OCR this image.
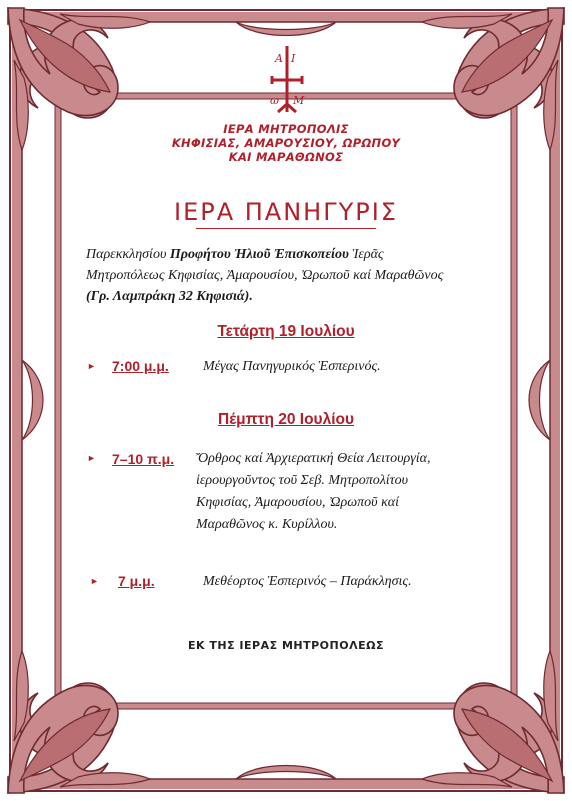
Α Ι
ω Μ
ΙΕΡΑ ΜΗΤΡΟΠΟΛΙΣ
ΚΗΦΙΣΙΑΣ, ΑΜΑΡΟΥΣΙΟΥ, ΩΡΩΠΟΥ
ΚΑΙ ΜΑΡΑΘΩΝΟΣ
ΙΕΡΑ ΠΑΝΗΓΥΡΙΣ
Παρεκκλησίου Προφήτου Ἠλιοῦ Ἐπισκοπείου Ἱερᾶς
Μητροπόλεως Κηφισίας, Ἀμαρουσίου, Ὠρωποῦ καί Μαραθῶνος
(Γρ. Λαμπράκη 32 Κηφισιά).
Τετάρτη 19 Ιουλίου
► 7:00 μ.μ. Μέγας Πανηγυρικός Ἑσπερινός.
Πέμπτη 20 Ιουλίου
► 7–10 π.μ. Ὄρθρος καί Ἀρχιερατική Θεία Λειτουργία,
ἱερουργοῦντος τοῦ Σεβ. Μητροπολίτου
Κηφισίας, Ἀμαρουσίου, Ὠρωποῦ καί
Μαραθῶνος κ. Κυρίλλου.
► 7 μ.μ.	Μεθέορτος Ἑσπερινός – Παράκλησις.
ΕΚ ΤΗΣ ΙΕΡΑΣ ΜΗΤΡΟΠΟΛΕΩΣ
